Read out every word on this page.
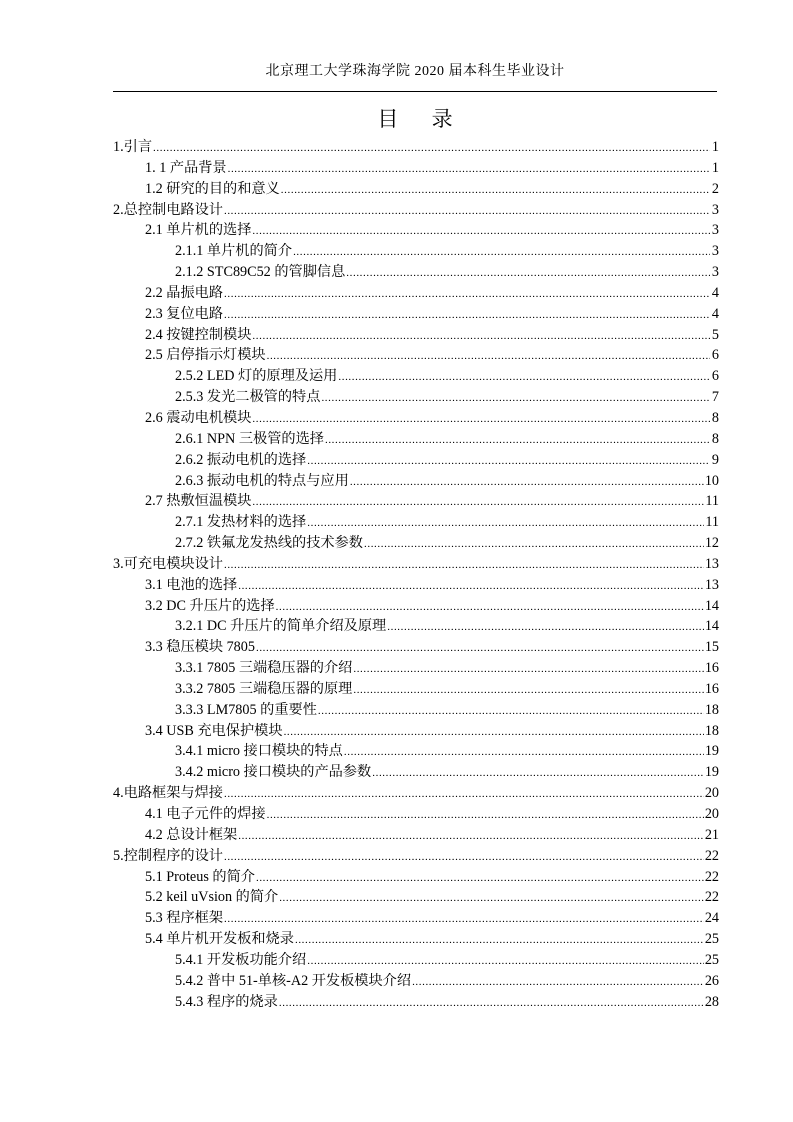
北京理工大学珠海学院 2020 届本科生毕业设计
目 录
1.引言 .....	1
1. 1 产品背景 .....	1
1.2 研究的目的和意义 .....	2
2.总控制电路设计 .....	3
2.1 单片机的选择 .....	3
2.1.1 单片机的简介 .....	3
2.1.2 STC89C52 的管脚信息 .....	3
2.2 晶振电路 .....	4
2.3 复位电路 .....	4
2.4 按键控制模块 .....	5
2.5 启停指示灯模块 .....	6
2.5.2 LED 灯的原理及运用 .....	6
2.5.3 发光二极管的特点 .....	7
2.6 震动电机模块 .....	8
2.6.1 NPN 三极管的选择 .....	8
2.6.2 振动电机的选择 .....	9
2.6.3 振动电机的特点与应用 .....	10
2.7 热敷恒温模块 .....	11
2.7.1 发热材料的选择 .....	11
2.7.2 铁氟龙发热线的技术参数 .....	12
3.可充电模块设计 .....	13
3.1 电池的选择 .....	13
3.2 DC 升压片的选择 .....	14
3.2.1 DC 升压片的简单介绍及原理 .....	14
3.3 稳压模块 7805 .....	15
3.3.1 7805 三端稳压器的介绍 .....	16
3.3.2 7805 三端稳压器的原理 .....	16
3.3.3 LM7805 的重要性 .....	18
3.4 USB 充电保护模块 .....	18
3.4.1 micro 接口模块的特点 .....	19
3.4.2 micro 接口模块的产品参数 .....	19
4.电路框架与焊接 .....	20
4.1 电子元件的焊接 .....	20
4.2 总设计框架 .....	21
5.控制程序的设计 .....	22
5.1 Proteus 的简介 .....	22
5.2 keil uVsion 的简介 .....	22
5.3 程序框架 .....	24
5.4 单片机开发板和烧录 .....	25
5.4.1 开发板功能介绍 .....	25
5.4.2 普中 51-单核-A2 开发板模块介绍 .....	26
5.4.3 程序的烧录 .....	28
